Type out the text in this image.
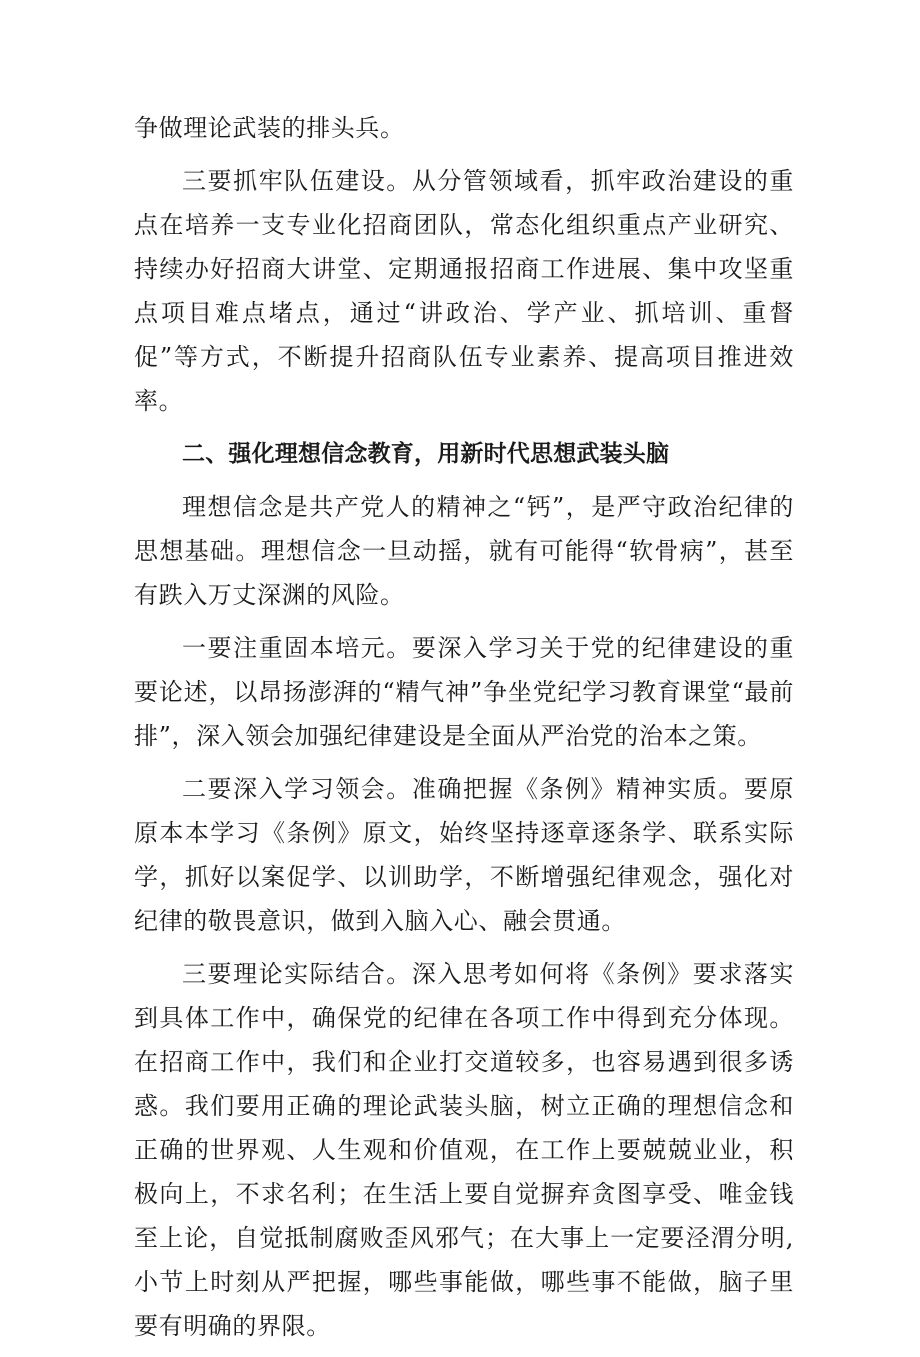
争做理论武装的排头兵。

三要抓牢队伍建设。从分管领域看，抓牢政治建设的重点在培养一支专业化招商团队，常态化组织重点产业研究、持续办好招商大讲堂、定期通报招商工作进展、集中攻坚重点项目难点堵点，通过“讲政治、学产业、抓培训、重督促”等方式，不断提升招商队伍专业素养、提高项目推进效率。

二、强化理想信念教育，用新时代思想武装头脑

理想信念是共产党人的精神之“钙”，是严守政治纪律的思想基础。理想信念一旦动摇，就有可能得“软骨病”，甚至有跌入万丈深渊的风险。

一要注重固本培元。要深入学习关于党的纪律建设的重要论述，以昂扬澎湃的“精气神”争坐党纪学习教育课堂“最前排”，深入领会加强纪律建设是全面从严治党的治本之策。

二要深入学习领会。准确把握《条例》精神实质。要原原本本学习《条例》原文，始终坚持逐章逐条学、联系实际学，抓好以案促学、以训助学，不断增强纪律观念，强化对纪律的敬畏意识，做到入脑入心、融会贯通。

三要理论实际结合。深入思考如何将《条例》要求落实到具体工作中，确保党的纪律在各项工作中得到充分体现。在招商工作中，我们和企业打交道较多，也容易遇到很多诱惑。我们要用正确的理论武装头脑，树立正确的理想信念和正确的世界观、人生观和价值观，在工作上要兢兢业业，积极向上，不求名利；在生活上要自觉摒弃贪图享受、唯金钱至上论，自觉抵制腐败歪风邪气；在大事上一定要泾渭分明, 小节上时刻从严把握，哪些事能做，哪些事不能做，脑子里要有明确的界限。
